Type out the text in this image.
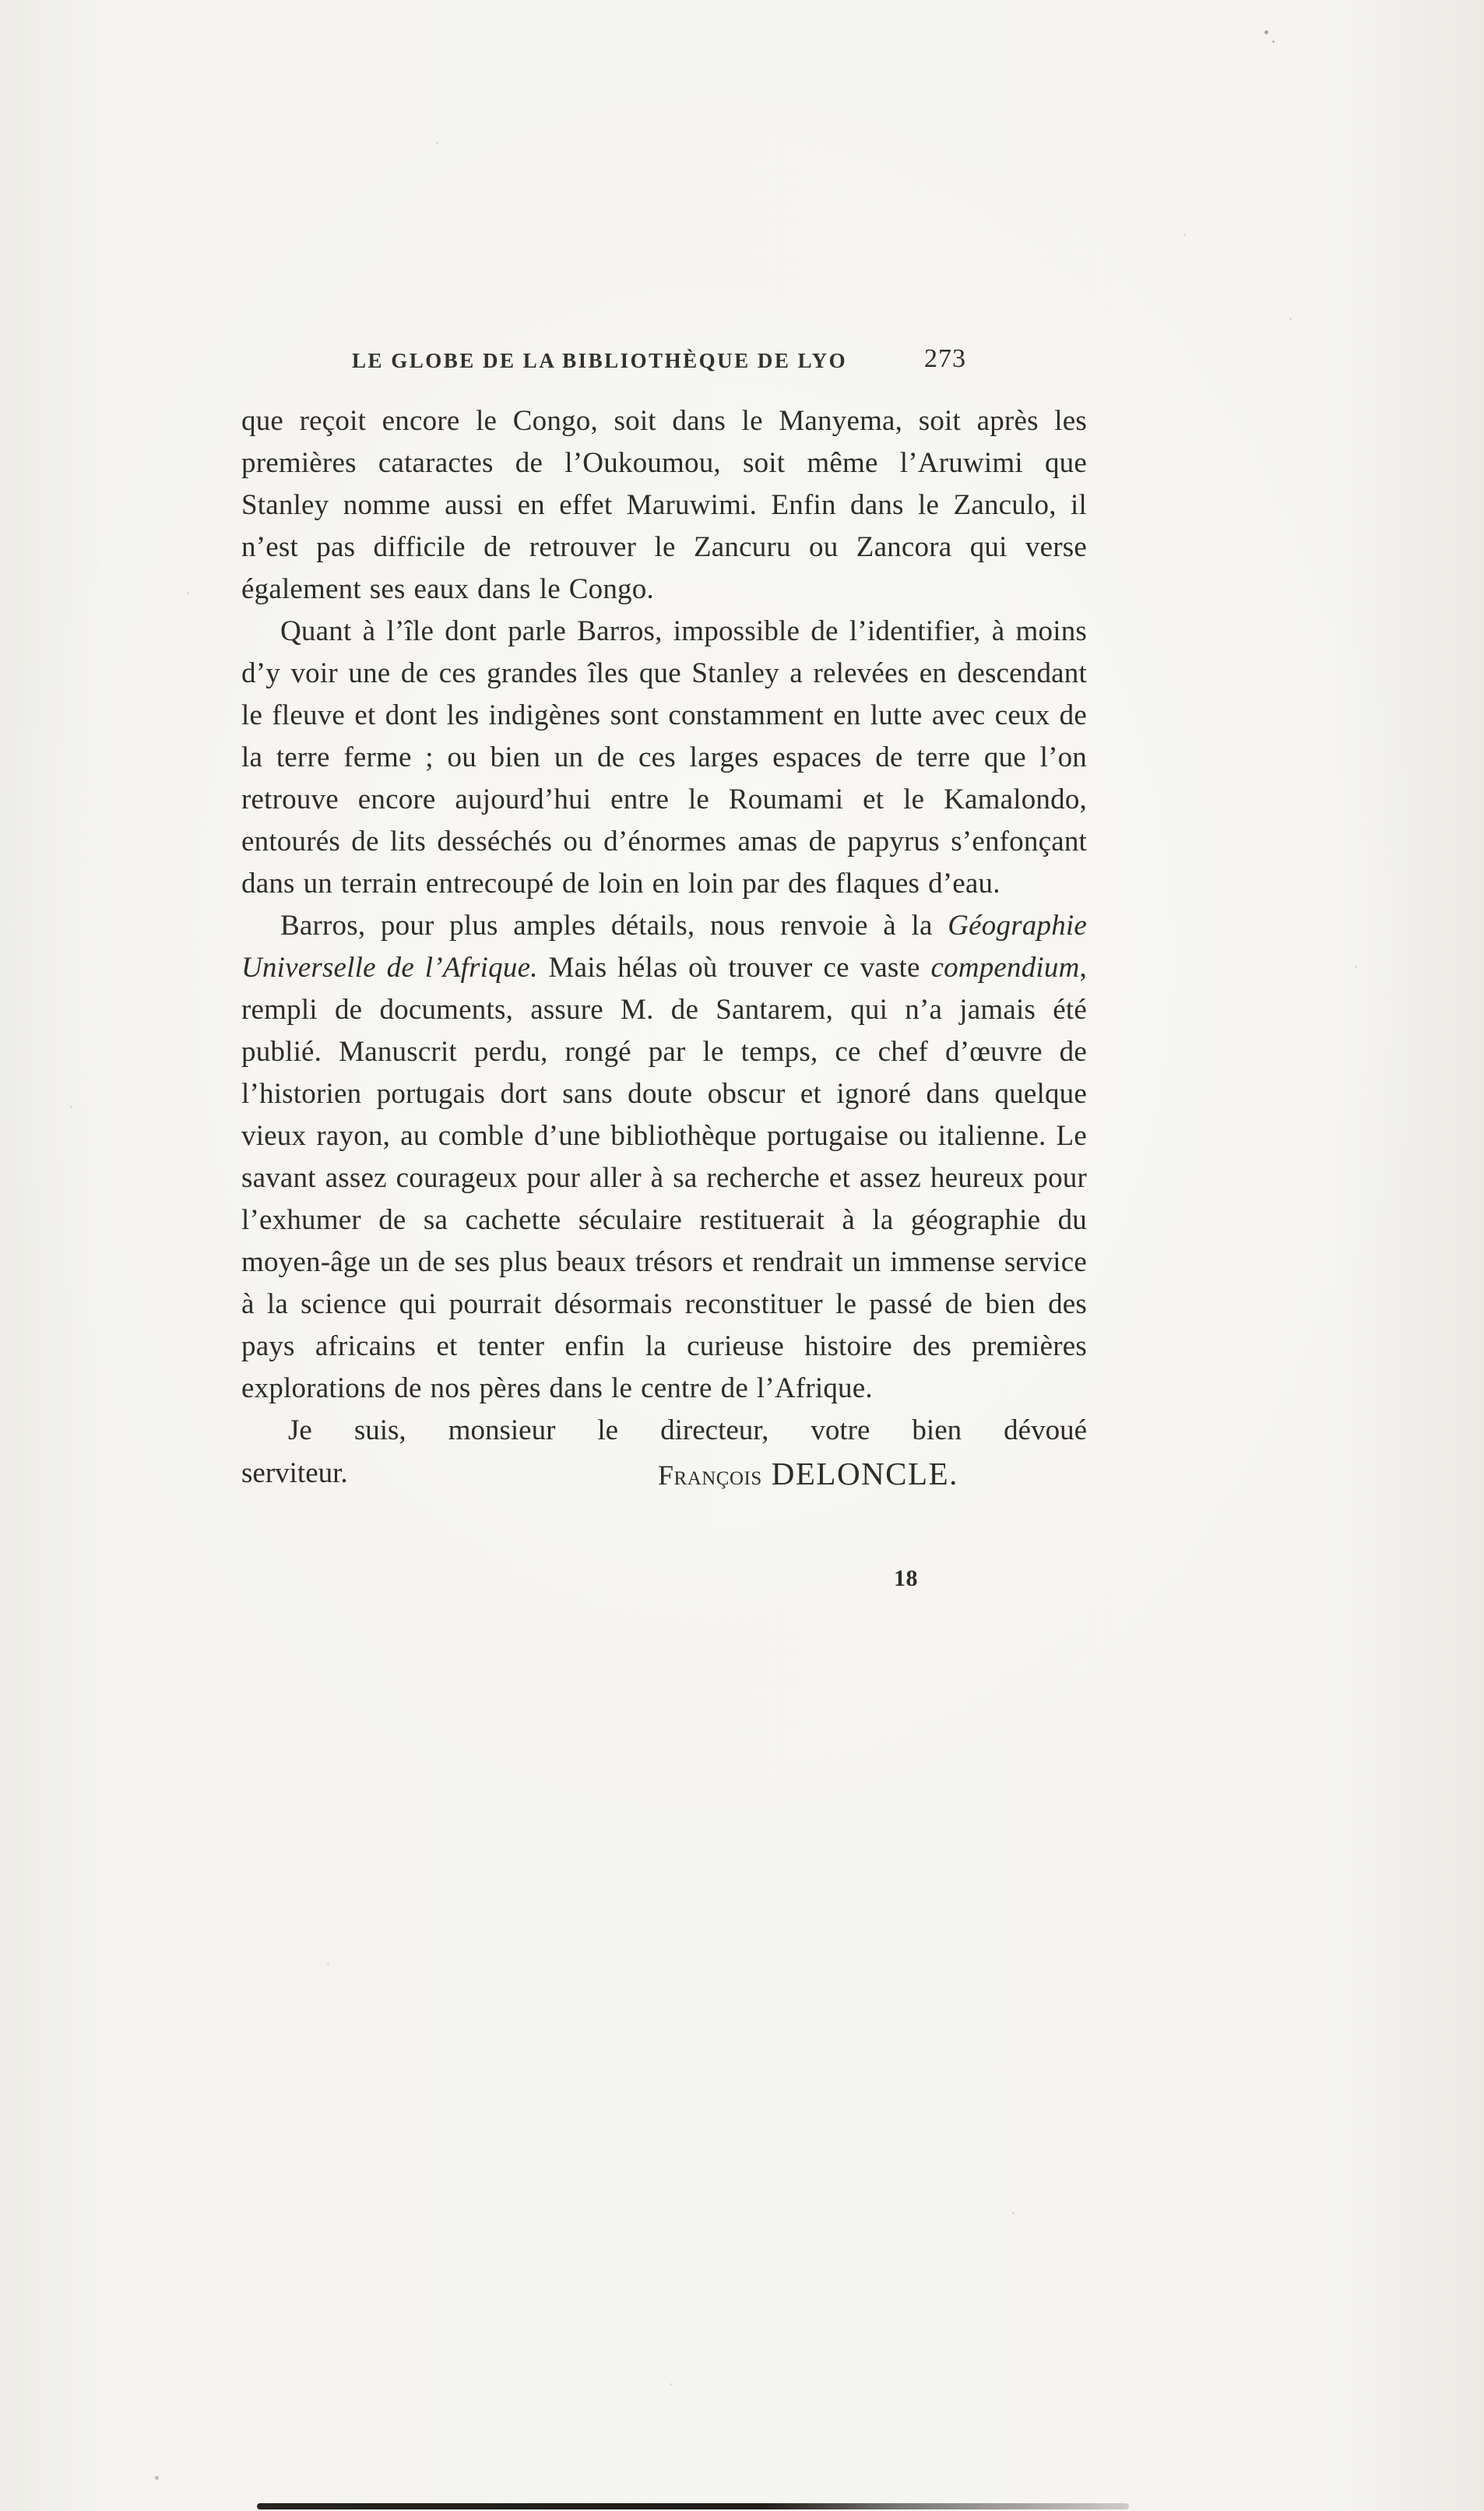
LE GLOBE DE LA BIBLIOTHÈQUE DE LYO	273

que reçoit encore le Congo, soit dans le Manyema, soit après les premières cataractes de l’Oukoumou, soit même l’Aruwimi que Stanley nomme aussi en effet Maruwimi. Enfin dans le Zanculo, il n’est pas difficile de retrouver le Zancuru ou Zancora qui verse également ses eaux dans le Congo.

Quant à l’île dont parle Barros, impossible de l’identifier, à moins d’y voir une de ces grandes îles que Stanley a relevées en descendant le fleuve et dont les indigènes sont constamment en lutte avec ceux de la terre ferme ; ou bien un de ces larges espaces de terre que l’on retrouve encore aujourd’hui entre le Roumami et le Kamalondo, entourés de lits desséchés ou d’énormes amas de papyrus s’enfonçant dans un terrain entrecoupé de loin en loin par des flaques d’eau.

Barros, pour plus amples détails, nous renvoie à la Géographie Universelle de l’Afrique. Mais hélas où trouver ce vaste compendium, rempli de documents, assure M. de Santarem, qui n’a jamais été publié. Manuscrit perdu, rongé par le temps, ce chef d’œuvre de l’historien portugais dort sans doute obscur et ignoré dans quelque vieux rayon, au comble d’une bibliothèque portugaise ou italienne. Le savant assez courageux pour aller à sa recherche et assez heureux pour l’exhumer de sa cachette séculaire restituerait à la géographie du moyen-âge un de ses plus beaux trésors et rendrait un immense service à la science qui pourrait désormais reconstituer le passé de bien des pays africains et tenter enfin la curieuse histoire des premières explorations de nos pères dans le centre de l’Afrique.

Je suis, monsieur le directeur, votre bien dévoué
serviteur.	François DELONCLE.
18
